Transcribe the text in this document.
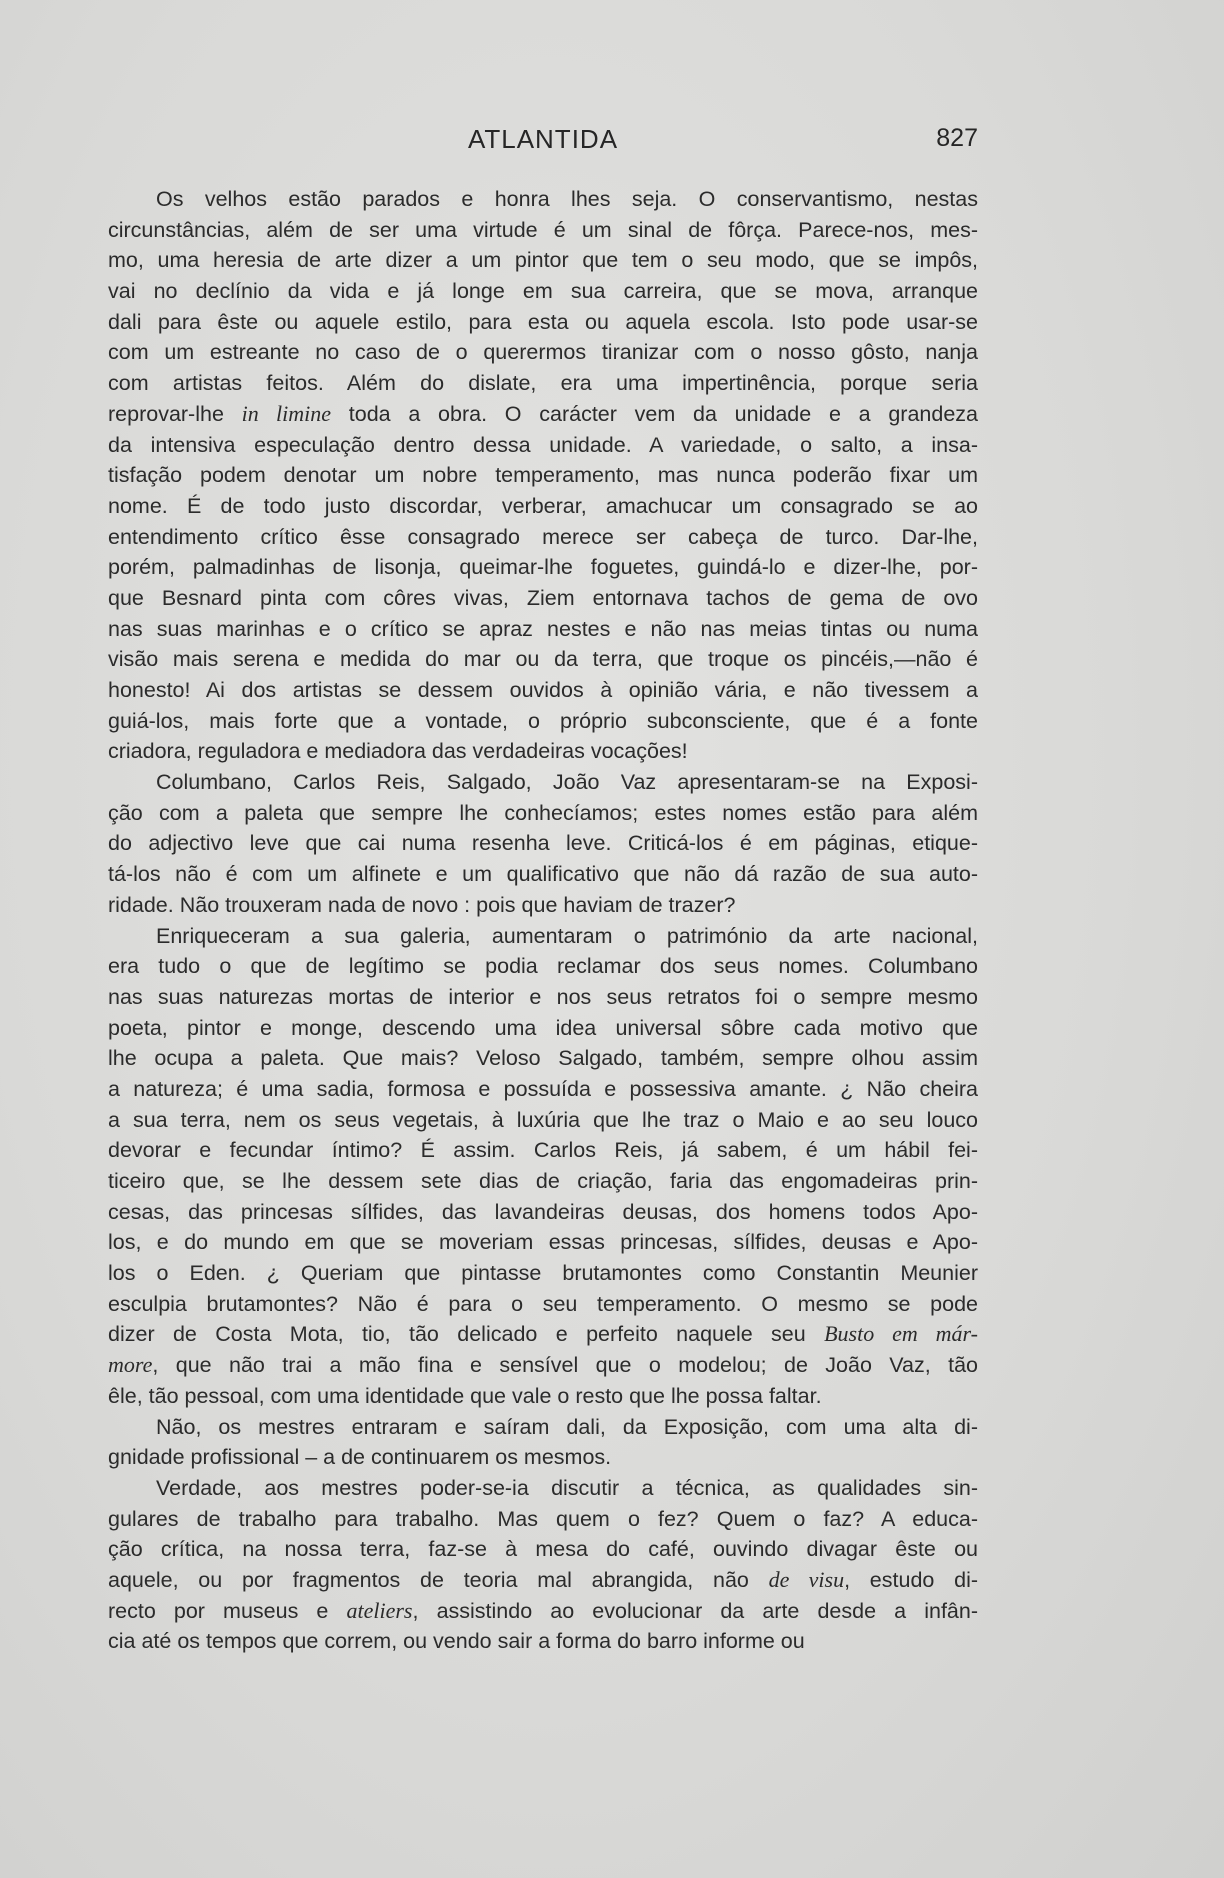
ATLANTIDA	827
Os velhos estão parados e honra lhes seja. O conservantismo, nestas
circunstâncias, além de ser uma virtude é um sinal de fôrça. Parece-nos, mes-
mo, uma heresia de arte dizer a um pintor que tem o seu modo, que se impôs,
vai no declínio da vida e já longe em sua carreira, que se mova, arranque
dali para êste ou aquele estilo, para esta ou aquela escola. Isto pode usar-se
com um estreante no caso de o querermos tiranizar com o nosso gôsto, nanja
com artistas feitos. Além do dislate, era uma impertinência, porque seria
reprovar-lhe in limine toda a obra. O carácter vem da unidade e a grandeza
da intensiva especulação dentro dessa unidade. A variedade, o salto, a insa-
tisfação podem denotar um nobre temperamento, mas nunca poderão fixar um
nome. É de todo justo discordar, verberar, amachucar um consagrado se ao
entendimento crítico êsse consagrado merece ser cabeça de turco. Dar-lhe,
porém, palmadinhas de lisonja, queimar-lhe foguetes, guindá-lo e dizer-lhe, por-
que Besnard pinta com côres vivas, Ziem entornava tachos de gema de ovo
nas suas marinhas e o crítico se apraz nestes e não nas meias tintas ou numa
visão mais serena e medida do mar ou da terra, que troque os pincéis,—não é
honesto! Ai dos artistas se dessem ouvidos à opinião vária, e não tivessem a
guiá-los, mais forte que a vontade, o próprio subconsciente, que é a fonte
criadora, reguladora e mediadora das verdadeiras vocações!
Columbano, Carlos Reis, Salgado, João Vaz apresentaram-se na Exposi-
ção com a paleta que sempre lhe conhecíamos; estes nomes estão para além
do adjectivo leve que cai numa resenha leve. Criticá-los é em páginas, etique-
tá-los não é com um alfinete e um qualificativo que não dá razão de sua auto-
ridade. Não trouxeram nada de novo : pois que haviam de trazer?
Enriqueceram a sua galeria, aumentaram o património da arte nacional,
era tudo o que de legítimo se podia reclamar dos seus nomes. Columbano
nas suas naturezas mortas de interior e nos seus retratos foi o sempre mesmo
poeta, pintor e monge, descendo uma idea universal sôbre cada motivo que
lhe ocupa a paleta. Que mais? Veloso Salgado, também, sempre olhou assim
a natureza; é uma sadia, formosa e possuída e possessiva amante. ¿ Não cheira
a sua terra, nem os seus vegetais, à luxúria que lhe traz o Maio e ao seu louco
devorar e fecundar íntimo? É assim. Carlos Reis, já sabem, é um hábil fei-
ticeiro que, se lhe dessem sete dias de criação, faria das engomadeiras prin-
cesas, das princesas sílfides, das lavandeiras deusas, dos homens todos Apo-
los, e do mundo em que se moveriam essas princesas, sílfides, deusas e Apo-
los o Eden. ¿ Queriam que pintasse brutamontes como Constantin Meunier
esculpia brutamontes? Não é para o seu temperamento. O mesmo se pode
dizer de Costa Mota, tio, tão delicado e perfeito naquele seu Busto em már-
more, que não trai a mão fina e sensível que o modelou; de João Vaz, tão
êle, tão pessoal, com uma identidade que vale o resto que lhe possa faltar.
Não, os mestres entraram e saíram dali, da Exposição, com uma alta di-
gnidade profissional – a de continuarem os mesmos.
Verdade, aos mestres poder-se-ia discutir a técnica, as qualidades sin-
gulares de trabalho para trabalho. Mas quem o fez? Quem o faz? A educa-
ção crítica, na nossa terra, faz-se à mesa do café, ouvindo divagar êste ou
aquele, ou por fragmentos de teoria mal abrangida, não de visu, estudo di-
recto por museus e ateliers, assistindo ao evolucionar da arte desde a infân-
cia até os tempos que correm, ou vendo sair a forma do barro informe ou
